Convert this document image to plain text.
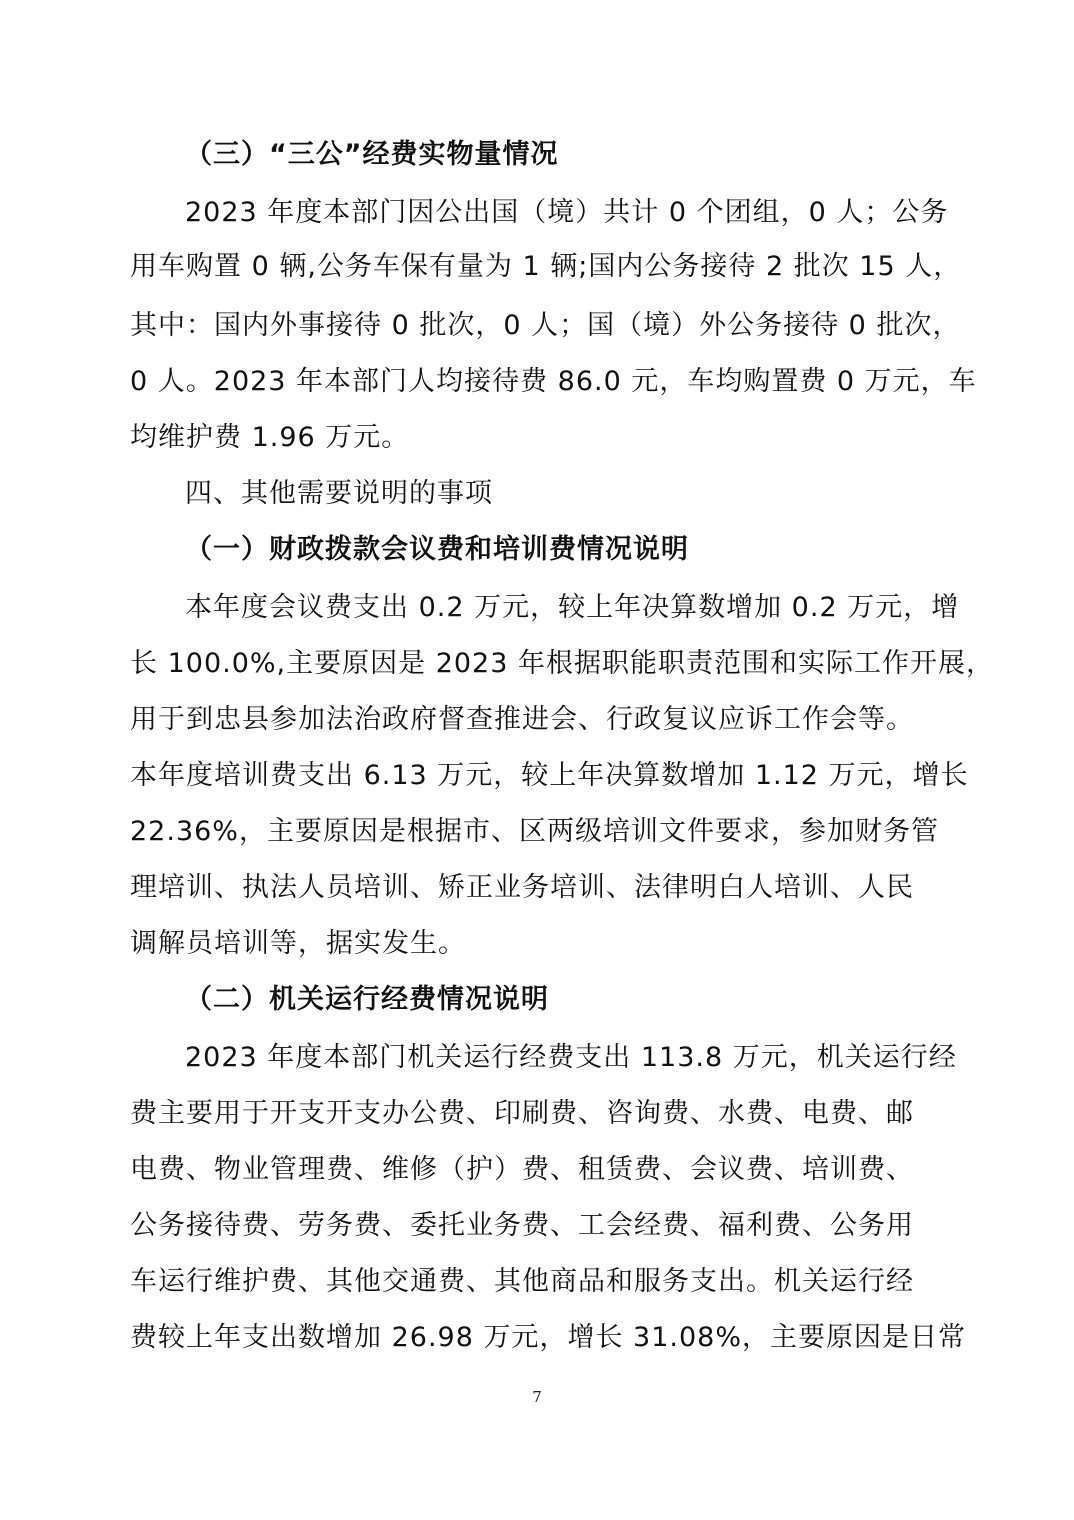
（三）“三公”经费实物量情况
2023 年度本部门因公出国（境）共计 0 个团组，0 人；公务
用车购置 0 辆,公务车保有量为 1 辆;国内公务接待 2 批次 15 人，
其中：国内外事接待 0 批次，0 人；国（境）外公务接待 0 批次，
0 人。2023 年本部门人均接待费 86.0 元，车均购置费 0 万元，车
均维护费 1.96 万元。
四、其他需要说明的事项
（一）财政拨款会议费和培训费情况说明
本年度会议费支出 0.2 万元，较上年决算数增加 0.2 万元，增
长 100.0%,主要原因是 2023 年根据职能职责范围和实际工作开展，
用于到忠县参加法治政府督查推进会、行政复议应诉工作会等。
本年度培训费支出 6.13 万元，较上年决算数增加 1.12 万元，增长
22.36%，主要原因是根据市、区两级培训文件要求，参加财务管
理培训、执法人员培训、矫正业务培训、法律明白人培训、人民
调解员培训等，据实发生。
（二）机关运行经费情况说明
2023 年度本部门机关运行经费支出 113.8 万元，机关运行经
费主要用于开支开支办公费、印刷费、咨询费、水费、电费、邮
电费、物业管理费、维修（护）费、租赁费、会议费、培训费、
公务接待费、劳务费、委托业务费、工会经费、福利费、公务用
车运行维护费、其他交通费、其他商品和服务支出。机关运行经
费较上年支出数增加 26.98 万元，增长 31.08%，主要原因是日常
7
